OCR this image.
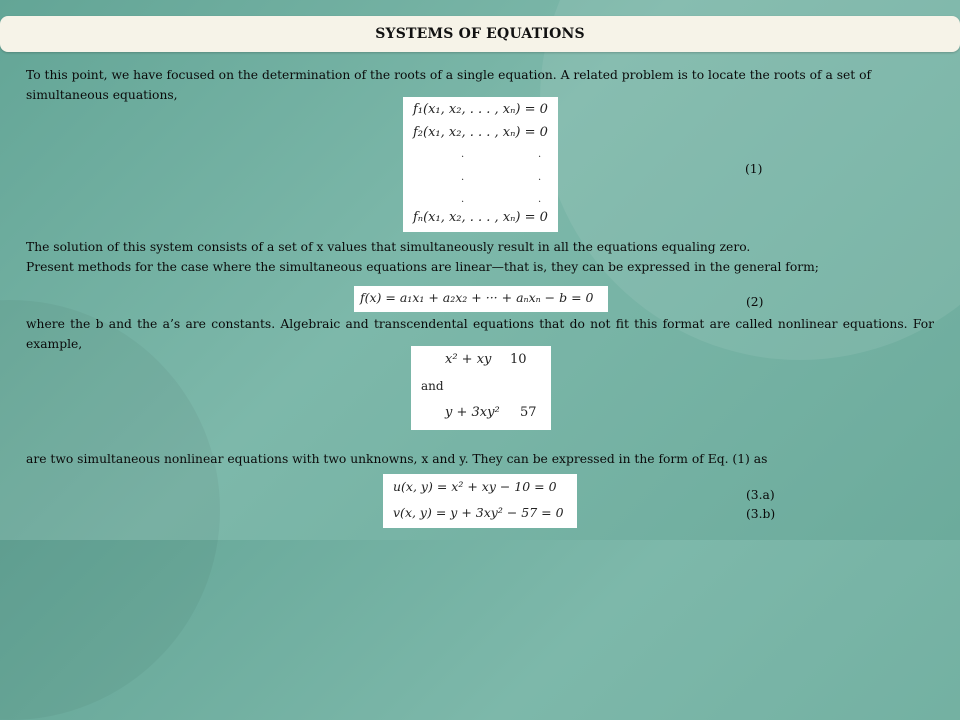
SYSTEMS OF EQUATIONS
To this point, we have focused on the determination of the roots of a single equation. A related problem is to locate the roots of a set of simultaneous equations,
f₁(x₁, x₂, . . . , xₙ) = 0
f₂(x₁, x₂, . . . , xₙ) = 0
.	.
.	.
.	.
fₙ(x₁, x₂, . . . , xₙ) = 0
(1)
The solution of this system consists of a set of x values that simultaneously result in all the equations equaling zero.
Present methods for the case where the simultaneous equations are linear—that is, they can be expressed in the general form;
f(x) = a₁x₁ + a₂x₂ + ··· + aₙxₙ − b = 0	(2)
where the b and the a’s are constants. Algebraic and transcendental equations that do not fit this format are called nonlinear equations. For example,
x² + xy 10
and
y + 3xy² 57
are two simultaneous nonlinear equations with two unknowns, x and y. They can be expressed in the form of Eq. (1) as
u(x, y) = x² + xy − 10 = 0
v(x, y) = y + 3xy² − 57 = 0
(3.a)
(3.b)
